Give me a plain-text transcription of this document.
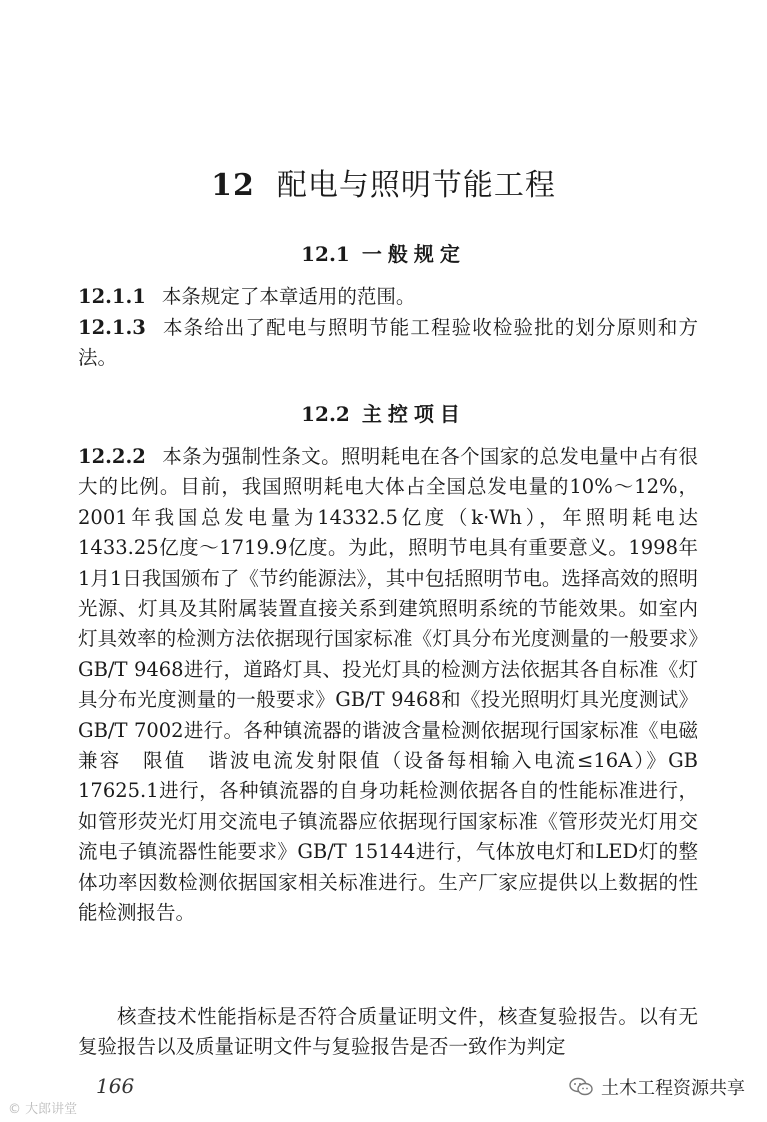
12 配电与照明节能工程
12.1 一般规定
12.1.1 本条规定了本章适用的范围。
12.1.3 本条给出了配电与照明节能工程验收检验批的划分原则和方法。
12.2 主控项目
12.2.2 本条为强制性条文。照明耗电在各个国家的总发电量中占有很大的比例。目前，我国照明耗电大体占全国总发电量的10%～12%，2001年我国总发电量为14332.5亿度（k·Wh），年照明耗电达1433.25亿度～1719.9亿度。为此，照明节电具有重要意义。1998年1月1日我国颁布了《节约能源法》，其中包括照明节电。选择高效的照明光源、灯具及其附属装置直接关系到建筑照明系统的节能效果。如室内灯具效率的检测方法依据现行国家标准《灯具分布光度测量的一般要求》GB/T 9468进行，道路灯具、投光灯具的检测方法依据其各自标准《灯具分布光度测量的一般要求》GB/T 9468和《投光照明灯具光度测试》GB/T 7002进行。各种镇流器的谐波含量检测依据现行国家标准《电磁兼容　限值　谐波电流发射限值（设备每相输入电流≤16A）》GB 17625.1进行，各种镇流器的自身功耗检测依据各自的性能标准进行，如管形荧光灯用交流电子镇流器应依据现行国家标准《管形荧光灯用交流电子镇流器性能要求》GB/T 15144进行，气体放电灯和LED灯的整体功率因数检测依据国家相关标准进行。生产厂家应提供以上数据的性能检测报告。
核查技术性能指标是否符合质量证明文件，核查复验报告。以有无复验报告以及质量证明文件与复验报告是否一致作为判定
166
© 大郎讲堂
土木工程资源共享
